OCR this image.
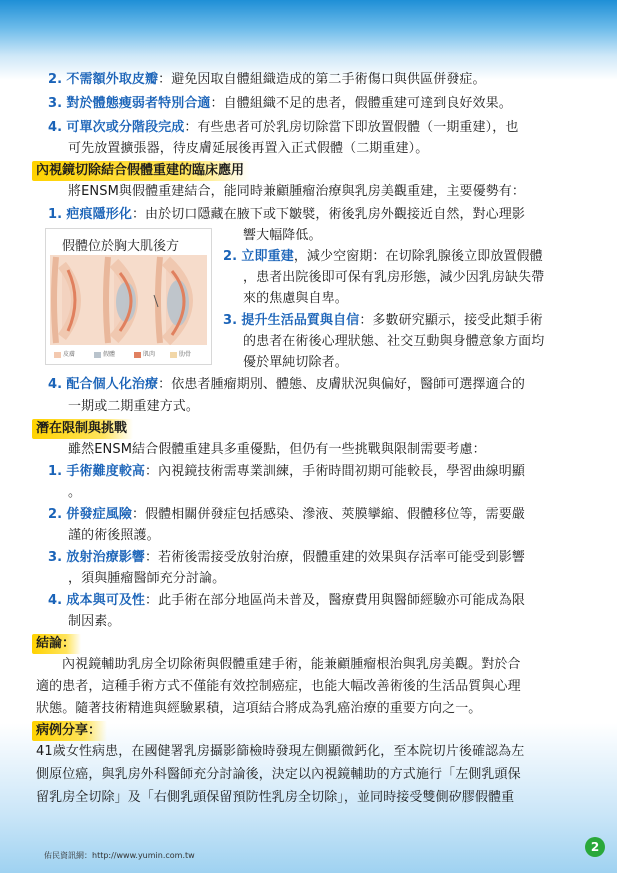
2. 不需額外取皮瓣：避免因取自體組織造成的第二手術傷口與供區併發症。
3. 對於體態瘦弱者特別合適：自體組織不足的患者，假體重建可達到良好效果。
4. 可單次或分階段完成：有些患者可於乳房切除當下即放置假體（一期重建），也
可先放置擴張器，待皮膚延展後再置入正式假體（二期重建）。
內視鏡切除結合假體重建的臨床應用
將ENSM與假體重建結合，能同時兼顧腫瘤治療與乳房美觀重建，主要優勢有：
1. 疤痕隱形化：由於切口隱藏在腋下或下皺襞，術後乳房外觀接近自然，對心理影
響大幅降低。
假體位於胸大肌後方
皮膚	假體	肌肉	肋骨
2. 立即重建，減少空窗期：在切除乳腺後立即放置假體
，患者出院後即可保有乳房形態，減少因乳房缺失帶
來的焦慮與自卑。
3. 提升生活品質與自信：多數研究顯示，接受此類手術
的患者在術後心理狀態、社交互動與身體意象方面均
優於單純切除者。
4. 配合個人化治療：依患者腫瘤期別、體態、皮膚狀況與偏好，醫師可選擇適合的
一期或二期重建方式。
潛在限制與挑戰
雖然ENSM結合假體重建具多重優點，但仍有一些挑戰與限制需要考慮：
1. 手術難度較高：內視鏡技術需專業訓練，手術時間初期可能較長，學習曲線明顯
。
2. 併發症風險：假體相關併發症包括感染、滲液、莢膜攣縮、假體移位等，需要嚴
謹的術後照護。
3. 放射治療影響：若術後需接受放射治療，假體重建的效果與存活率可能受到影響
，須與腫瘤醫師充分討論。
4. 成本與可及性：此手術在部分地區尚未普及，醫療費用與醫師經驗亦可能成為限
制因素。
結論：
內視鏡輔助乳房全切除術與假體重建手術，能兼顧腫瘤根治與乳房美觀。對於合
適的患者，這種手術方式不僅能有效控制癌症，也能大幅改善術後的生活品質與心理
狀態。隨著技術精進與經驗累積，這項結合將成為乳癌治療的重要方向之一。
病例分享：
41歲女性病患，在國健署乳房攝影篩檢時發現左側顯微鈣化，至本院切片後確認為左
側原位癌，與乳房外科醫師充分討論後，決定以內視鏡輔助的方式施行「左側乳頭保
留乳房全切除」及「右側乳頭保留預防性乳房全切除」，並同時接受雙側矽膠假體重
佑民資訊網：http://www.yumin.com.tw
2
